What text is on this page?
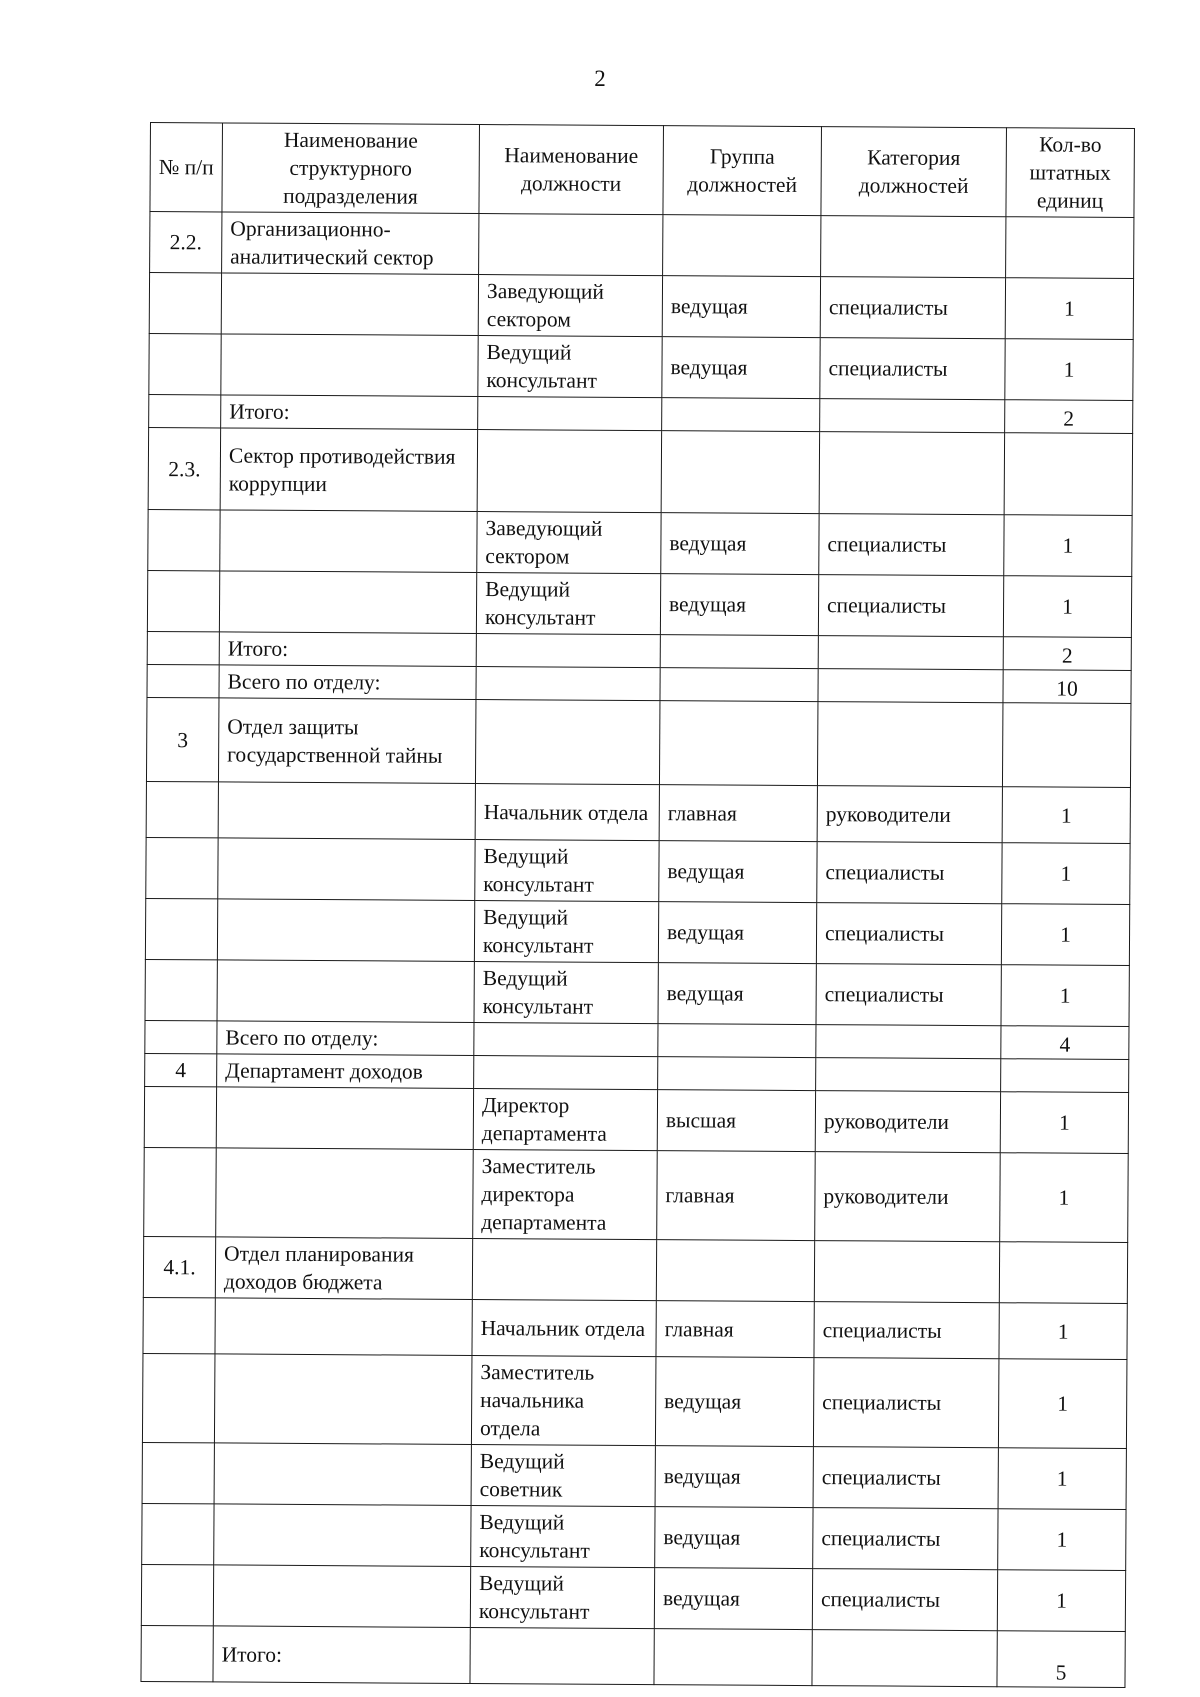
2
№ п/п	Наименование структурного подразделения	Наименование должности	Группа должностей	Категория должностей	Кол-во штатных единиц
2.2.	Организационно-аналитический сектор				
		Заведующий сектором	ведущая	специалисты	1
		Ведущий консультант	ведущая	специалисты	1
	Итого:				2
2.3.	Сектор противодействия коррупции				
		Заведующий сектором	ведущая	специалисты	1
		Ведущий консультант	ведущая	специалисты	1
	Итого:				2
	Всего по отделу:				10
3	Отдел защиты государственной тайны				
		Начальник отдела	главная	руководители	1
		Ведущий консультант	ведущая	специалисты	1
		Ведущий консультант	ведущая	специалисты	1
		Ведущий консультант	ведущая	специалисты	1
	Всего по отделу:				4
4	Департамент доходов				
		Директор департамента	высшая	руководители	1
		Заместитель директора департамента	главная	руководители	1
4.1.	Отдел планирования доходов бюджета				
		Начальник отдела	главная	специалисты	1
		Заместитель начальника отдела	ведущая	специалисты	1
		Ведущий советник	ведущая	специалисты	1
		Ведущий консультант	ведущая	специалисты	1
		Ведущий консультант	ведущая	специалисты	1
	Итого:				5
